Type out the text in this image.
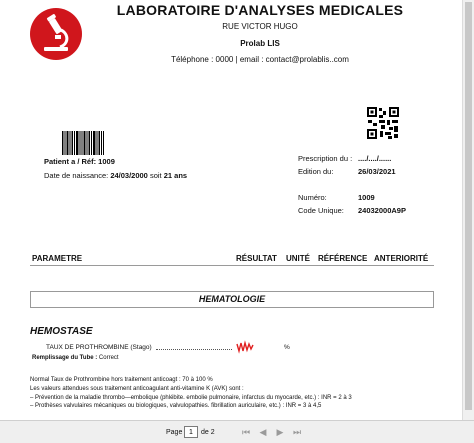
LABORATOIRE D'ANALYSES MEDICALES
RUE VICTOR HUGO
Prolab LIS
Téléphone : 0000 | email : contact@prolablis..com
Patient a / Réf: 1009
Date de naissance: 24/03/2000 soit 21 ans
Prescription du : ..../..../......
Edition du:	26/03/2021
Numéro:	1009
Code Unique: 24032000A9P
PARAMETRE	RÉSULTAT UNITÉ RÉFÉRENCE ANTERIORITÉ
HEMATOLOGIE
HEMOSTASE
TAUX DE PROTHROMBINE (Stago)	%
Remplissage du Tube : Correct
Normal Taux de Prothrombine hors traitement anticoagt : 70 à 100 %
Les valeurs attendues sous traitement anticoagulant anti-vitamine K (AVK) sont :
– Prévention de la maladie thrombo—embolique (phlébite. embolie pulmonaire, infarctus du myocarde, etc.) : INR = 2 à 3
– Prothèses valvulaires mécaniques ou biologiques, valvulopathies. fibrillation auriculaire, etc.) : INR = 3 à 4,5
Page
1	de 2	⏮	◀	▶	⏭
